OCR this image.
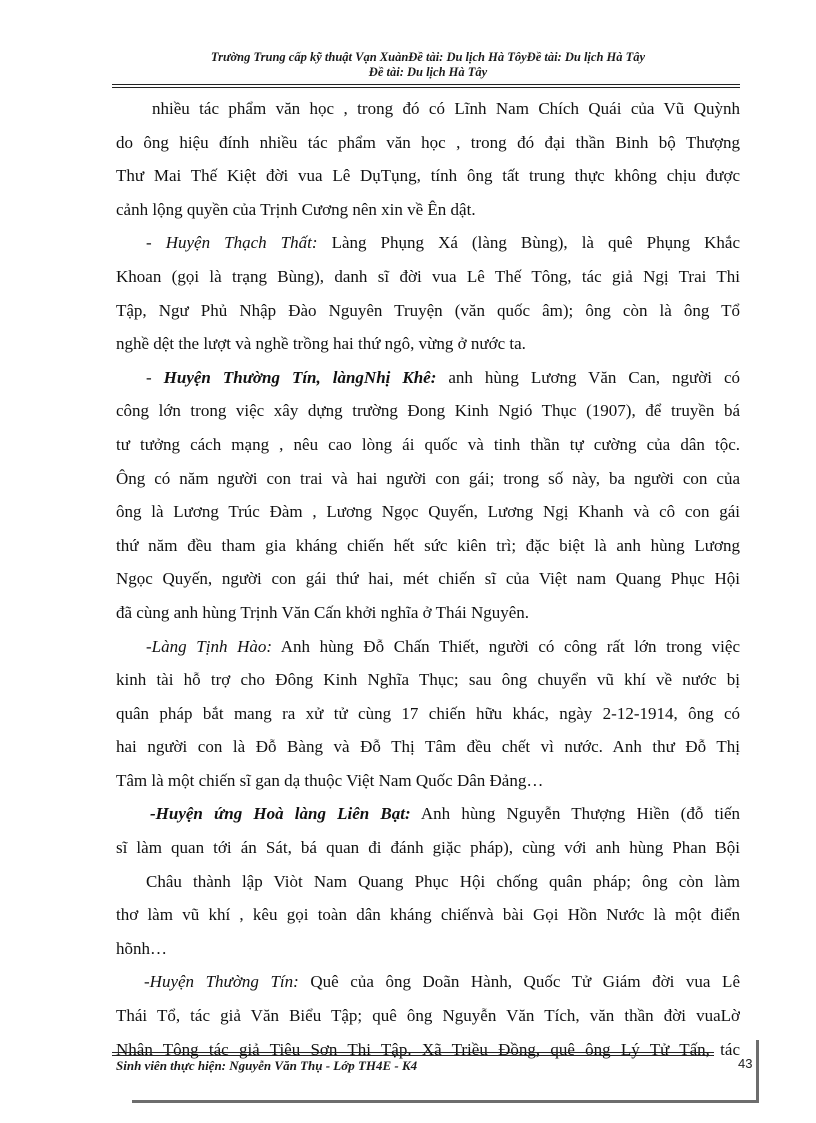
Trường Trung cấp kỹ thuật Vạn XuànĐề tài: Du lịch Hà TôyĐề tài: Du lịch Hà Tây
Đề tài: Du lịch Hà Tây

nhiều tác phẩm văn học , trong đó có Lĩnh Nam Chích Quái của Vũ Quỳnh
do ông hiệu đính nhiều tác phẩm văn học , trong đó đại thần Binh bộ Thượng
Thư Mai Thế Kiệt đời vua Lê DụTụng, tính ông tất trung thực không chịu được
cảnh lộng quyền của Trịnh Cương nên xin về Ên dật.

- Huyện Thạch Thất: Làng Phụng Xá (làng Bùng), là quê Phụng Khắc
Khoan (gọi là trạng Bùng), danh sĩ đời vua Lê Thế Tông, tác giả Ngị Trai Thi
Tập, Ngư Phủ Nhập Đào Nguyên Truyện (văn quốc âm); ông còn là ông Tổ
nghề dệt the lượt và nghề trồng hai thứ ngô, vừng ở nước ta.

- Huyện Thường Tín, làngNhị Khê: anh hùng Lương Văn Can, người có
công lớn trong việc xây dựng trường Đong Kinh Ngió Thục (1907), để truyền bá
tư tưởng cách mạng , nêu cao lòng ái quốc và tinh thần tự cường của dân tộc.
Ông có năm người con trai và hai người con gái; trong số này, ba người con của
ông là Lương Trúc Đàm , Lương Ngọc Quyến, Lương Ngị Khanh và cô con gái
thứ năm đều tham gia kháng chiến hết sức kiên trì; đặc biệt là anh hùng Lương
Ngọc Quyến, người con gái thứ hai, mét chiến sĩ của Việt nam Quang Phục Hội
đã cùng anh hùng Trịnh Văn Cấn khởi nghĩa ở Thái Nguyên.

-Làng Tịnh Hào: Anh hùng Đỗ Chấn Thiết, người có công rất lớn trong việc
kinh tài hỗ trợ cho Đông Kinh Nghĩa Thục; sau ông chuyển vũ khí về nước bị
quân pháp bắt mang ra xử tử cùng 17 chiến hữu khác, ngày 2-12-1914, ông có
hai người con là Đỗ Bàng và Đỗ Thị Tâm đều chết vì nước. Anh thư Đỗ Thị
Tâm là một chiến sĩ gan dạ thuộc Việt Nam Quốc Dân Đảng…

-Huyện ứng Hoà làng Liên Bạt: Anh hùng Nguyễn Thượng Hiền (đỗ tiến
sĩ làm quan tới án Sát, bá quan đi đánh giặc pháp), cùng với anh hùng Phan Bội
Châu thành lập Viòt Nam Quang Phục Hội chống quân pháp; ông còn làm
thơ làm vũ khí , kêu gọi toàn dân kháng chiếnvà bài Gọi Hồn Nước là một điển
hõnh…

-Huyện Thường Tín: Quê của ông Doãn Hành, Quốc Tử Giám đời vua Lê
Thái Tổ, tác giả Văn Biểu Tập; quê ông Nguyễn Văn Tích, văn thần đời vuaLờ
Nhân Tông tác giả Tiêu Sơn Thi Tập. Xã Triều Đồng, quê ông Lý Tử Tấn, tác

Sinh viên thực hiện: Nguyễn Văn Thụ - Lớp TH4E - K4	43
